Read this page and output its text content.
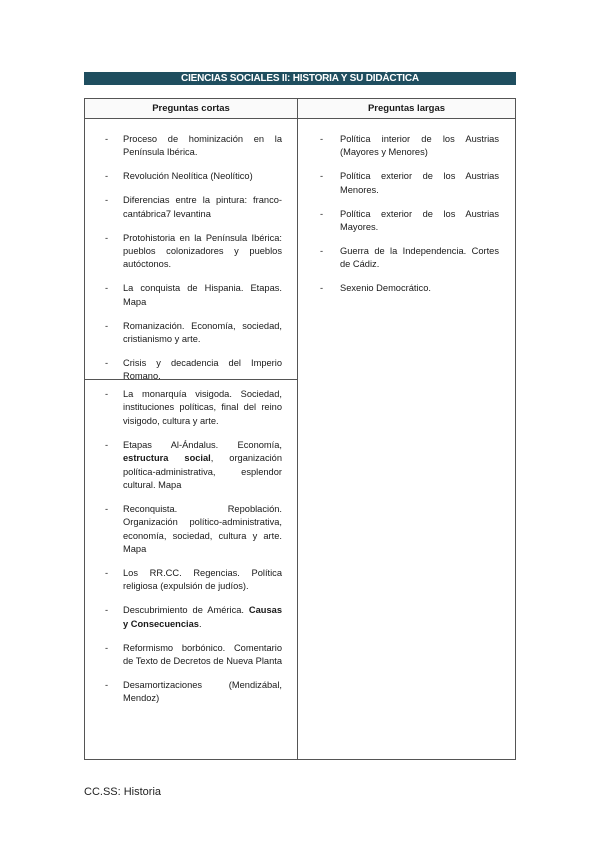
CIENCIAS SOCIALES II: HISTORIA Y SU DIDÁCTICA
Preguntas cortas	Preguntas largas
- Proceso de hominización en la Península Ibérica.
- Revolución Neolítica (Neolítico)
- Diferencias entre la pintura: franco-cantábrica7 levantina
- Protohistoria en la Península Ibérica: pueblos colonizadores y pueblos autóctonos.
- La conquista de Hispania. Etapas. Mapa
- Romanización. Economía, sociedad, cristianismo y arte.
- Crisis y decadencia del Imperio Romano.
- La monarquía visigoda. Sociedad, instituciones políticas, final del reino visigodo, cultura y arte.
- Etapas Al-Ándalus. Economía, estructura social, organización política-administrativa, esplendor cultural. Mapa
- Reconquista. Repoblación. Organización político-administrativa, economía, sociedad, cultura y arte. Mapa
- Los RR.CC. Regencias. Política religiosa (expulsión de judíos).
- Descubrimiento de América. Causas y Consecuencias.
- Reformismo borbónico. Comentario de Texto de Decretos de Nueva Planta
- Desamortizaciones (Mendizábal, Mendoz)
- Política interior de los Austrias (Mayores y Menores)
- Política exterior de los Austrias Menores.
- Política exterior de los Austrias Mayores.
- Guerra de la Independencia. Cortes de Cádiz.
- Sexenio Democrático.
CC.SS: Historia
